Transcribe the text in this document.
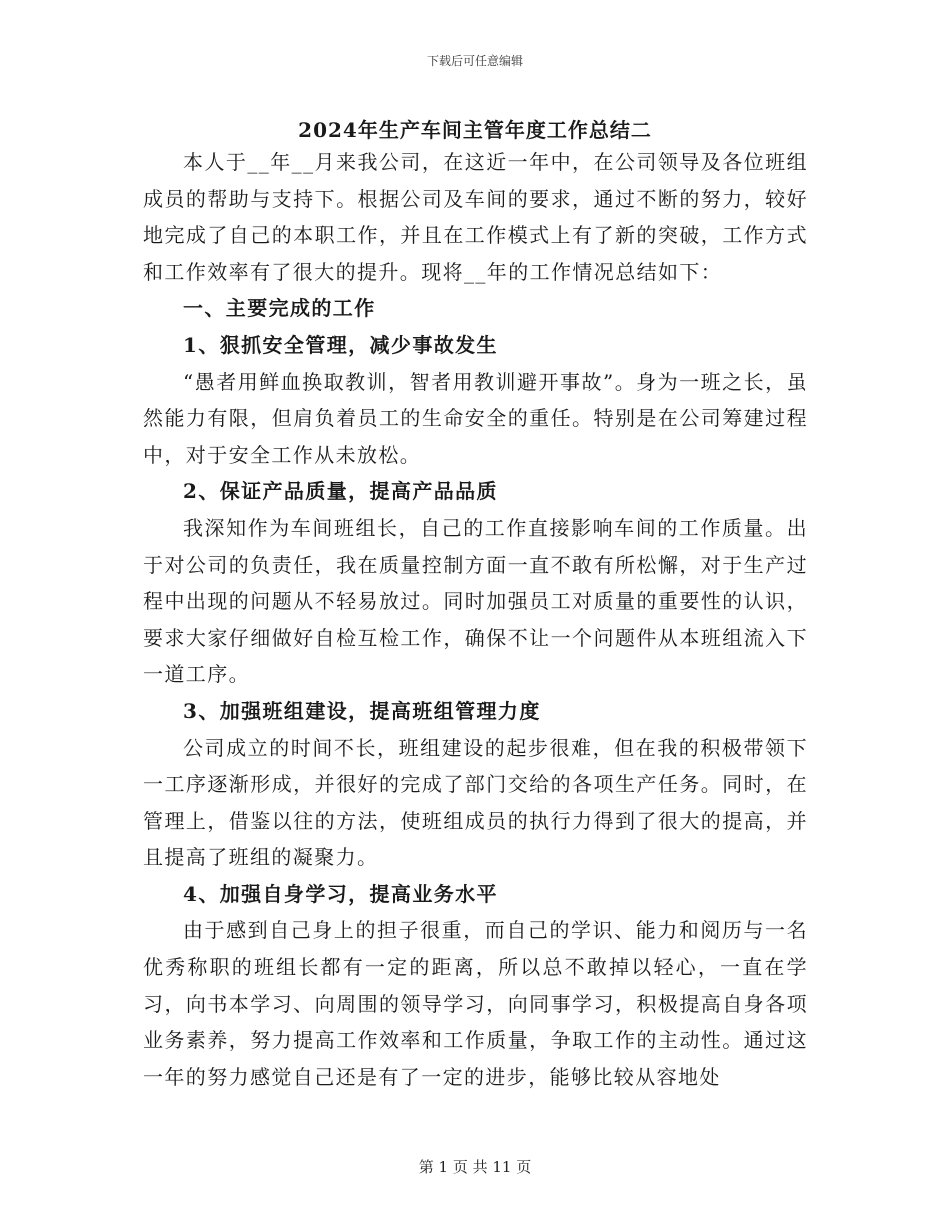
下载后可任意编辑
2024年生产车间主管年度工作总结二

本人于__年__月来我公司，在这近一年中，在公司领导及各位班组成员的帮助与支持下。根据公司及车间的要求，通过不断的努力，较好地完成了自己的本职工作，并且在工作模式上有了新的突破，工作方式和工作效率有了很大的提升。现将__年的工作情况总结如下：

一、主要完成的工作
1、狠抓安全管理，减少事故发生

“愚者用鲜血换取教训，智者用教训避开事故”。身为一班之长，虽然能力有限，但肩负着员工的生命安全的重任。特别是在公司筹建过程中，对于安全工作从未放松。

2、保证产品质量，提高产品品质

我深知作为车间班组长，自己的工作直接影响车间的工作质量。出于对公司的负责任，我在质量控制方面一直不敢有所松懈，对于生产过程中出现的问题从不轻易放过。同时加强员工对质量的重要性的认识，要求大家仔细做好自检互检工作，确保不让一个问题件从本班组流入下一道工序。

3、加强班组建设，提高班组管理力度

公司成立的时间不长，班组建设的起步很难，但在我的积极带领下一工序逐渐形成，并很好的完成了部门交给的各项生产任务。同时，在管理上，借鉴以往的方法，使班组成员的执行力得到了很大的提高，并且提高了班组的凝聚力。

4、加强自身学习，提高业务水平

由于感到自己身上的担子很重，而自己的学识、能力和阅历与一名优秀称职的班组长都有一定的距离，所以总不敢掉以轻心，一直在学习，向书本学习、向周围的领导学习，向同事学习，积极提高自身各项业务素养，努力提高工作效率和工作质量，争取工作的主动性。通过这一年的努力感觉自己还是有了一定的进步，能够比较从容地处

第 1 页 共 11 页
